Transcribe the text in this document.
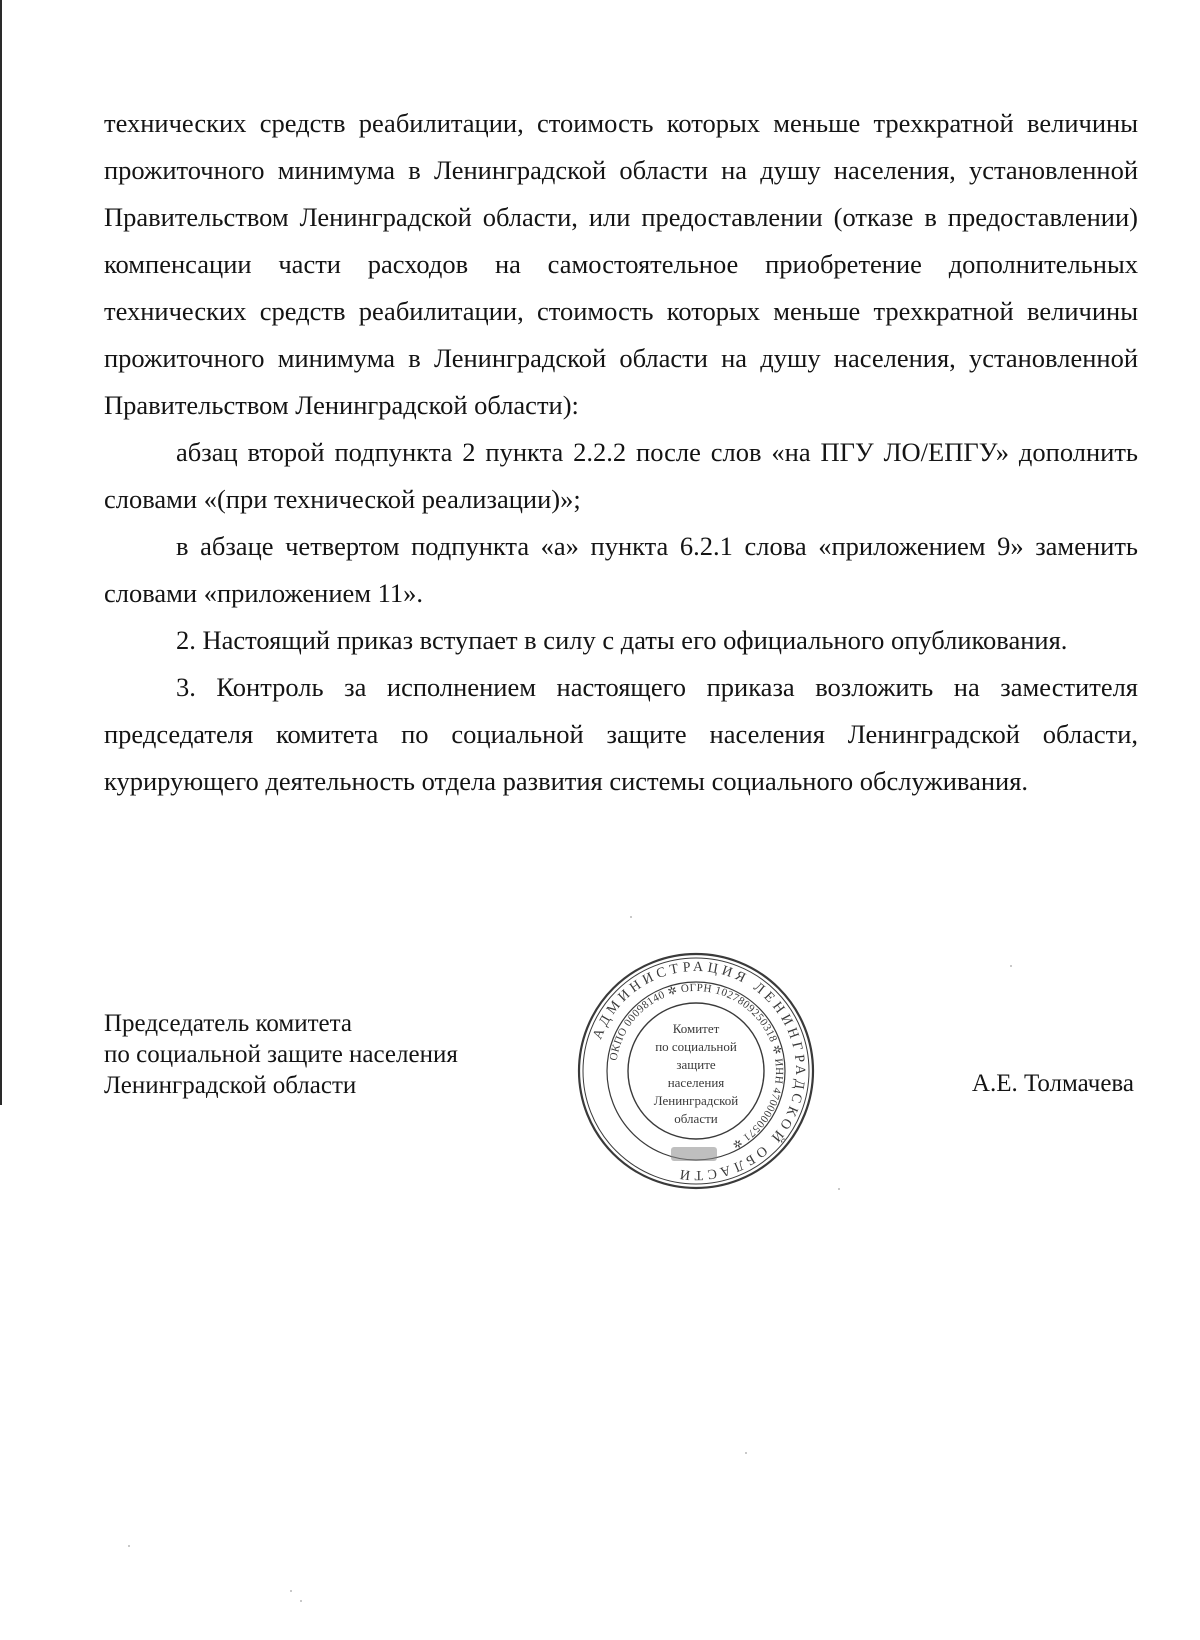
технических средств реабилитации, стоимость которых меньше трехкратной величины прожиточного минимума в Ленинградской области на душу населения, установленной Правительством Ленинградской области, или предоставлении (отказе в предоставлении) компенсации части расходов на самостоятельное приобретение дополнительных технических средств реабилитации, стоимость которых меньше трехкратной величины прожиточного минимума в Ленинградской области на душу населения, установленной Правительством Ленинградской области):

абзац второй подпункта 2 пункта 2.2.2 после слов «на ПГУ ЛО/ЕПГУ» дополнить словами «(при технической реализации)»;

в абзаце четвертом подпункта «а» пункта 6.2.1 слова «приложением 9» заменить словами «приложением 11».

2. Настоящий приказ вступает в силу с даты его официального опубликования.

3. Контроль за исполнением настоящего приказа возложить на заместителя председателя комитета по социальной защите населения Ленинградской области, курирующего деятельность отдела развития системы социального обслуживания.

Председатель комитета
по социальной защите населения
Ленинградской области
АДМИНИСТРАЦИЯ ЛЕНИНГРАДСКОЙ ОБЛАСТИ
ОКПО 00098140 ✲ ОГРН 1027809250318 ✲ ИНН 4700000571 ✲
Комитет
по социальной
защите
населения
Ленинградской
области
А.Е. Толмачева
